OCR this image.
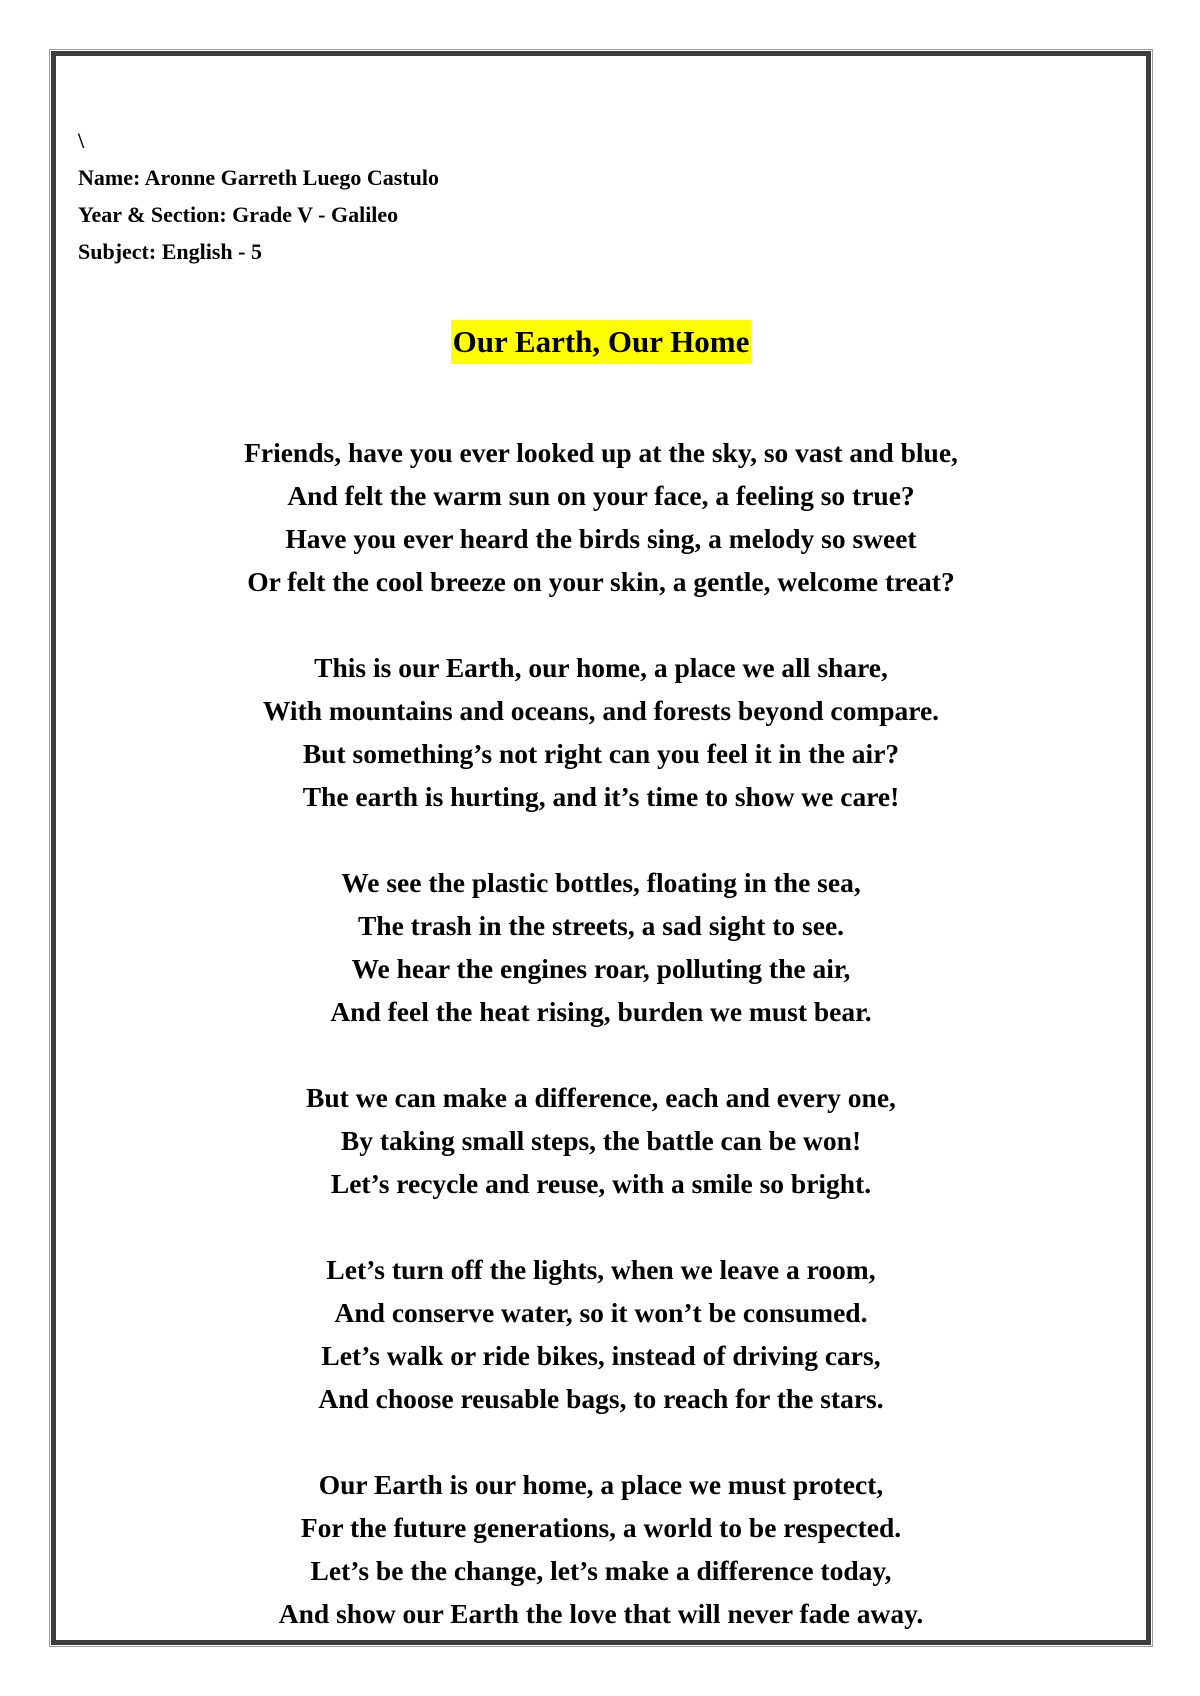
\
Name: Aronne Garreth Luego Castulo
Year & Section: Grade V - Galileo
Subject: English - 5
Our Earth, Our Home
Friends, have you ever looked up at the sky, so vast and blue,
And felt the warm sun on your face, a feeling so true?
Have you ever heard the birds sing, a melody so sweet
Or felt the cool breeze on your skin, a gentle, welcome treat?
This is our Earth, our home, a place we all share,
With mountains and oceans, and forests beyond compare.
But something’s not right can you feel it in the air?
The earth is hurting, and it’s time to show we care!
We see the plastic bottles, floating in the sea,
The trash in the streets, a sad sight to see.
We hear the engines roar, polluting the air,
And feel the heat rising, burden we must bear.
But we can make a difference, each and every one,
By taking small steps, the battle can be won!
Let’s recycle and reuse, with a smile so bright.
Let’s turn off the lights, when we leave a room,
And conserve water, so it won’t be consumed.
Let’s walk or ride bikes, instead of driving cars,
And choose reusable bags, to reach for the stars.
Our Earth is our home, a place we must protect,
For the future generations, a world to be respected.
Let’s be the change, let’s make a difference today,
And show our Earth the love that will never fade away.
